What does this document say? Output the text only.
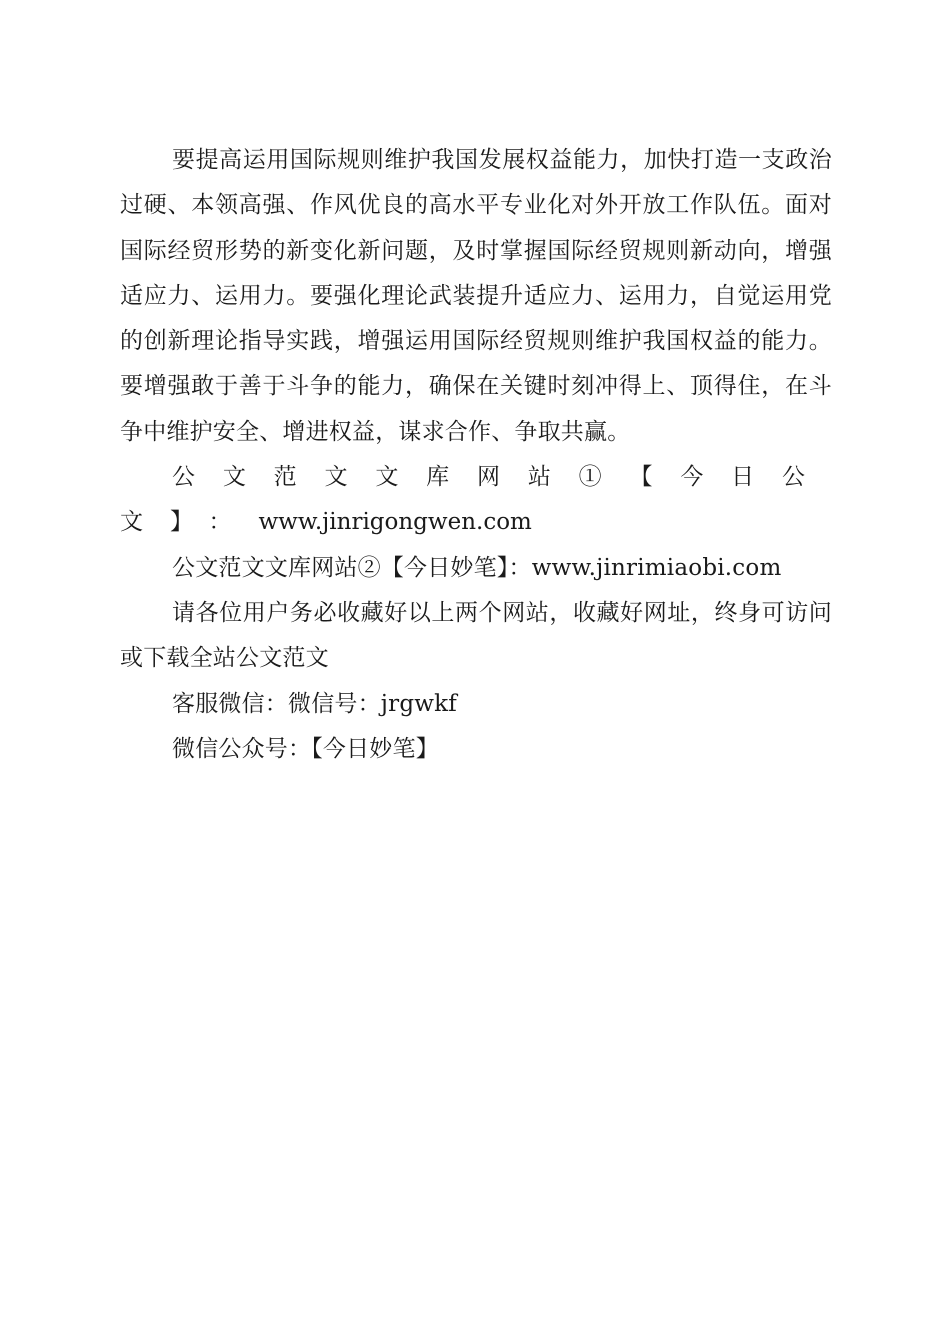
要提高运用国际规则维护我国发展权益能力，加快打造一支政治过硬、本领高强、作风优良的高水平专业化对外开放工作队伍。面对国际经贸形势的新变化新问题，及时掌握国际经贸规则新动向，增强适应力、运用力。要强化理论武装提升适应力、运用力，自觉运用党的创新理论指导实践，增强运用国际经贸规则维护我国权益的能力。要增强敢于善于斗争的能力，确保在关键时刻冲得上、顶得住，在斗争中维护安全、增进权益，谋求合作、争取共赢。

公文范文文库网站①【今日公文】：www.jinrigongwen.com

公文范文文库网站②【今日妙笔】：www.jinrimiaobi.com

请各位用户务必收藏好以上两个网站，收藏好网址，终身可访问或下载全站公文范文

客服微信：微信号：jrgwkf

微信公众号：【今日妙笔】
